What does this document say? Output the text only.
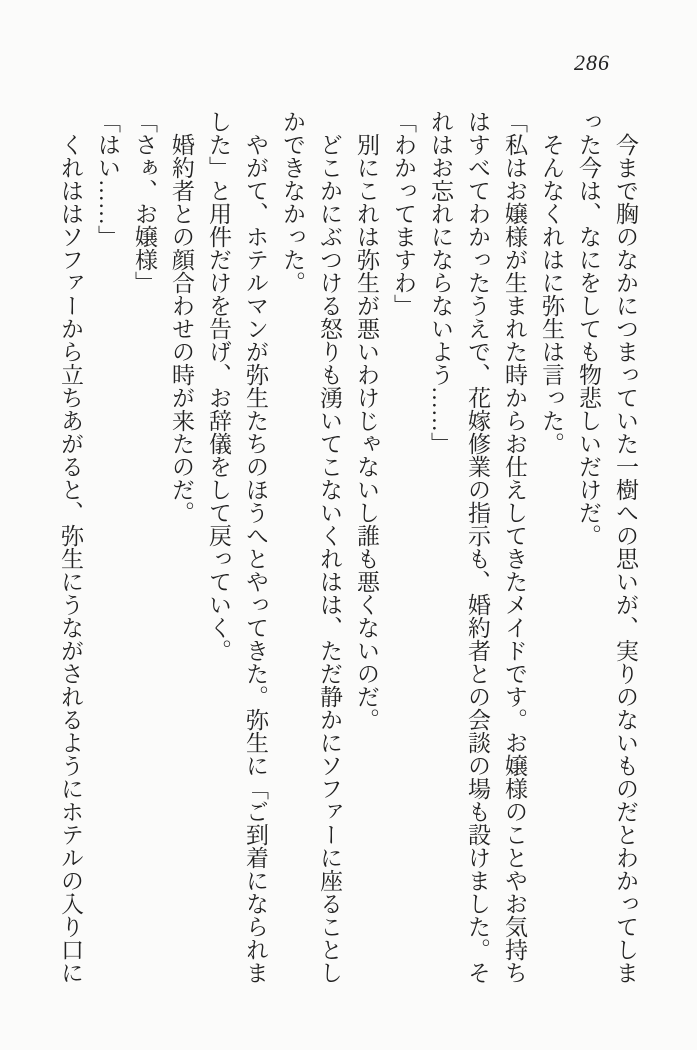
286

今まで胸のなかにつまっていた一樹への思いが、実りのないものだとわかってしまった今は、なにをしても物悲しいだけだ。

そんなくれはに弥生は言った。

「私はお嬢様が生まれた時からお仕えしてきたメイドです。お嬢様のことやお気持ちはすべてわかったうえで、花嫁修業の指示も、婚約者との会談の場も設けました。それはお忘れにならないよう……」

「わかってますわ」

別にこれは弥生が悪いわけじゃないし誰も悪くないのだ。

どこかにぶつける怒りも湧いてこないくれはは、ただ静かにソファーに座ることしかできなかった。

やがて、ホテルマンが弥生たちのほうへとやってきた。弥生に「ご到着になられました」と用件だけを告げ、お辞儀をして戻っていく。

婚約者との顔合わせの時が来たのだ。

「さぁ、お嬢様」

「はい……」

くれははソファーから立ちあがると、弥生にうながされるようにホテルの入り口に
